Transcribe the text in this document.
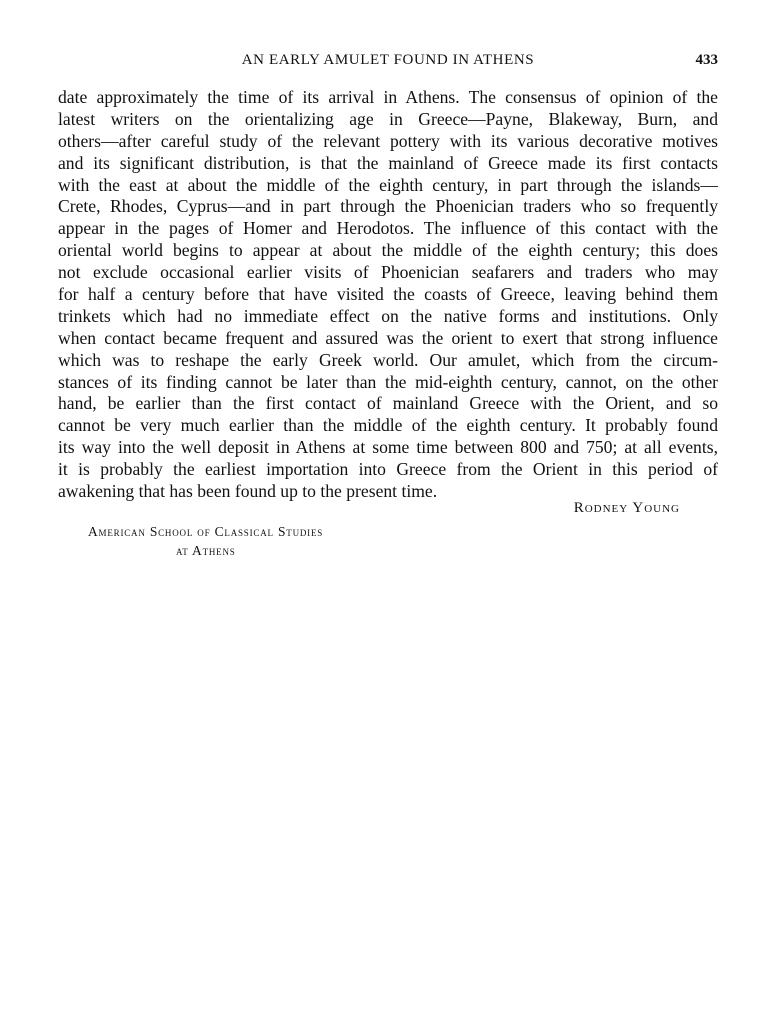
AN EARLY AMULET FOUND IN ATHENS	433
date approximately the time of its arrival in Athens. The consensus of opinion of the
latest writers on the orientalizing age in Greece—Payne, Blakeway, Burn, and
others—after careful study of the relevant pottery with its various decorative motives
and its significant distribution, is that the mainland of Greece made its first contacts
with the east at about the middle of the eighth century, in part through the islands—
Crete, Rhodes, Cyprus—and in part through the Phoenician traders who so frequently
appear in the pages of Homer and Herodotos. The influence of this contact with the
oriental world begins to appear at about the middle of the eighth century; this does
not exclude occasional earlier visits of Phoenician seafarers and traders who may
for half a century before that have visited the coasts of Greece, leaving behind them
trinkets which had no immediate effect on the native forms and institutions. Only
when contact became frequent and assured was the orient to exert that strong influence
which was to reshape the early Greek world. Our amulet, which from the circum-
stances of its finding cannot be later than the mid-eighth century, cannot, on the other
hand, be earlier than the first contact of mainland Greece with the Orient, and so
cannot be very much earlier than the middle of the eighth century. It probably found
its way into the well deposit in Athens at some time between 800 and 750; at all events,
it is probably the earliest importation into Greece from the Orient in this period of
awakening that has been found up to the present time.
Rodney Young
American School of Classical Studies
at Athens
